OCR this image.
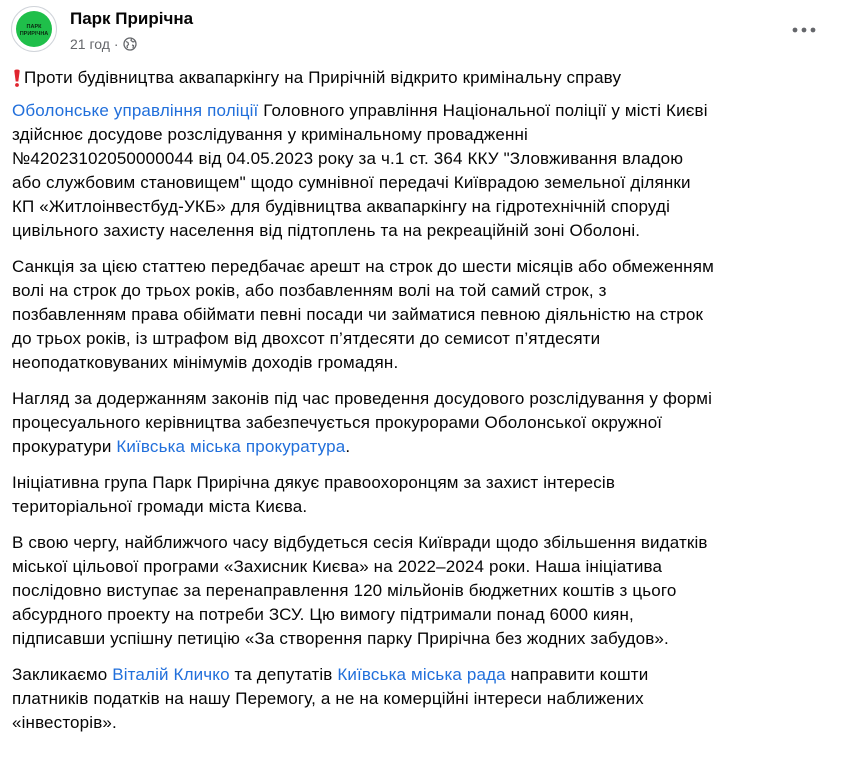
ПАРК
ПРИРІЧНА
Парк Прирічна
21 год ·
Проти будівництва аквапаркінгу на Прирічній відкрито кримінальну справу
Оболонське управління поліції Головного управління Національної поліції у місті Києві
здійснює досудове розслідування у кримінальному провадженні
№42023102050000044 від 04.05.2023 року за ч.1 ст. 364 ККУ "Зловживання владою
або службовим становищем" щодо сумнівної передачі Київрадою земельної ділянки
КП «Житлоінвестбуд-УКБ» для будівництва аквапаркінгу на гідротехнічній споруді
цивільного захисту населення від підтоплень та на рекреаційній зоні Оболоні.
Санкція за цією статтею передбачає арешт на строк до шести місяців або обмеженням
волі на строк до трьох років, або позбавленням волі на той самий строк, з
позбавленням права обіймати певні посади чи займатися певною діяльністю на строк
до трьох років, із штрафом від двохсот п’ятдесяти до семисот п’ятдесяти
неоподатковуваних мінімумів доходів громадян.
Нагляд за додержанням законів під час проведення досудового розслідування у формі
процесуального керівництва забезпечується прокурорами Оболонської окружної
прокуратури Київська міська прокуратура.
Ініціативна група Парк Прирічна дякує правоохоронцям за захист інтересів
територіальної громади міста Києва.
В свою чергу, найближчого часу відбудеться сесія Київради щодо збільшення видатків
міської цільової програми «Захисник Києва» на 2022–2024 роки. Наша ініціатива
послідовно виступає за перенаправлення 120 мільйонів бюджетних коштів з цього
абсурдного проекту на потреби ЗСУ. Цю вимогу підтримали понад 6000 киян,
підписавши успішну петицію «За створення парку Прирічна без жодних забудов».
Закликаємо Віталій Кличко та депутатів Київська міська рада направити кошти
платників податків на нашу Перемогу, а не на комерційні інтереси наближених
«інвесторів».
